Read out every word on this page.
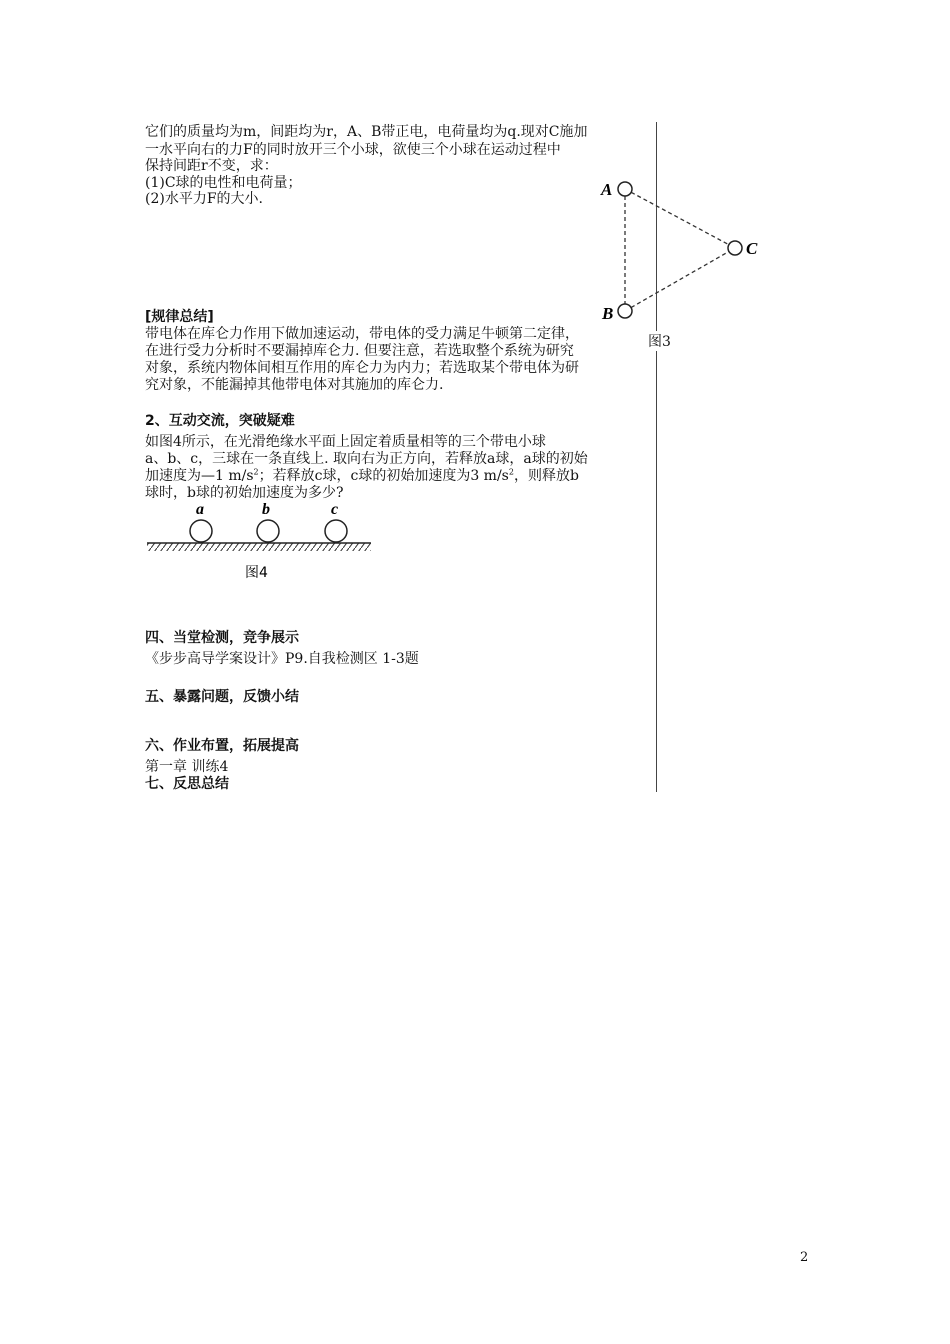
它们的质量均为m，间距均为r，A、B带正电，电荷量均为q.现对C施加
一水平向右的力F的同时放开三个小球，欲使三个小球在运动过程中
保持间距r不变，求：
(1)C球的电性和电荷量；
(2)水平力F的大小.	A
B
C
图3
[规律总结]
带电体在库仑力作用下做加速运动，带电体的受力满足牛顿第二定律，
在进行受力分析时不要漏掉库仑力. 但要注意，若选取整个系统为研究
对象，系统内物体间相互作用的库仑力为内力；若选取某个带电体为研
究对象，不能漏掉其他带电体对其施加的库仑力.
2、互动交流，突破疑难
如图4所示，在光滑绝缘水平面上固定着质量相等的三个带电小球
a、b、c，三球在一条直线上. 取向右为正方向，若释放a球，a球的初始
加速度为—1 $m/s^2$；若释放c球，c球的初始加速度为3 $m/s^2$，则释放b
球时，b球的初始加速度为多少?
a	b	c
图4
四、当堂检测，竞争展示
《步步高导学案设计》P9.自我检测区 1-3题
五、暴露问题，反馈小结
六、作业布置，拓展提高
第一章 训练4
七、反思总结
2
